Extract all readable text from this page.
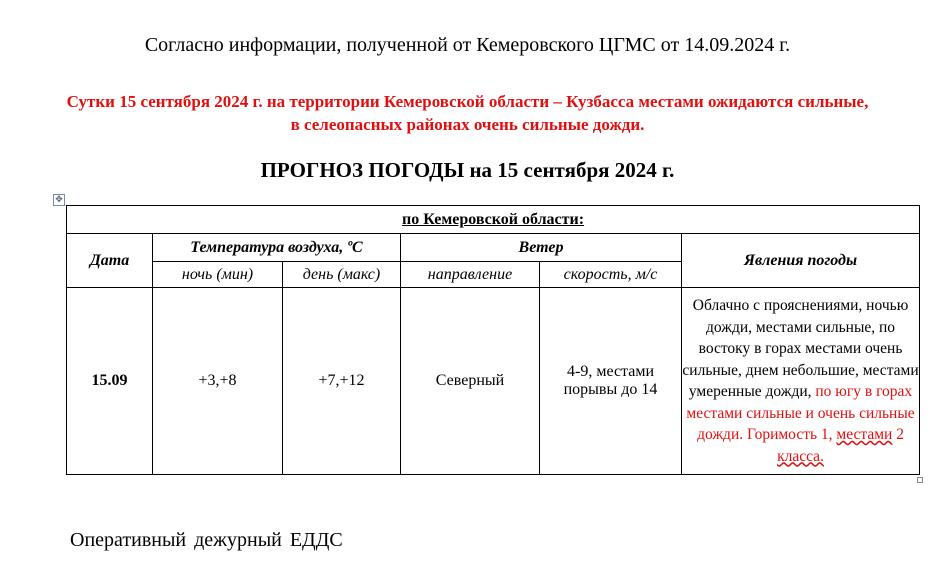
Согласно информации, полученной от Кемеровского ЦГМС от 14.09.2024 г.
Сутки 15 сентября 2024 г. на территории Кемеровской области – Кузбасса местами ожидаются сильные, в селеопасных районах очень сильные дожди.
ПРОГНОЗ ПОГОДЫ на 15 сентября 2024 г.
✥
по Кемеровской области:					
Дата	Температура воздуха, ºС		Ветер		Явления погоды
	ночь (мин)	день (макс)	направление	скорость, м/с	
15.09	+3,+8	+7,+12	Северный	4-9, местами порывы до 14	Облачно с прояснениями, ночью дожди, местами сильные, по востоку в горах местами очень сильные, днем небольшие, местами умеренные дожди, по югу в горах местами сильные и очень сильные дожди. Горимость 1, местами 2 класса.
Оперативный дежурный ЕДДС
